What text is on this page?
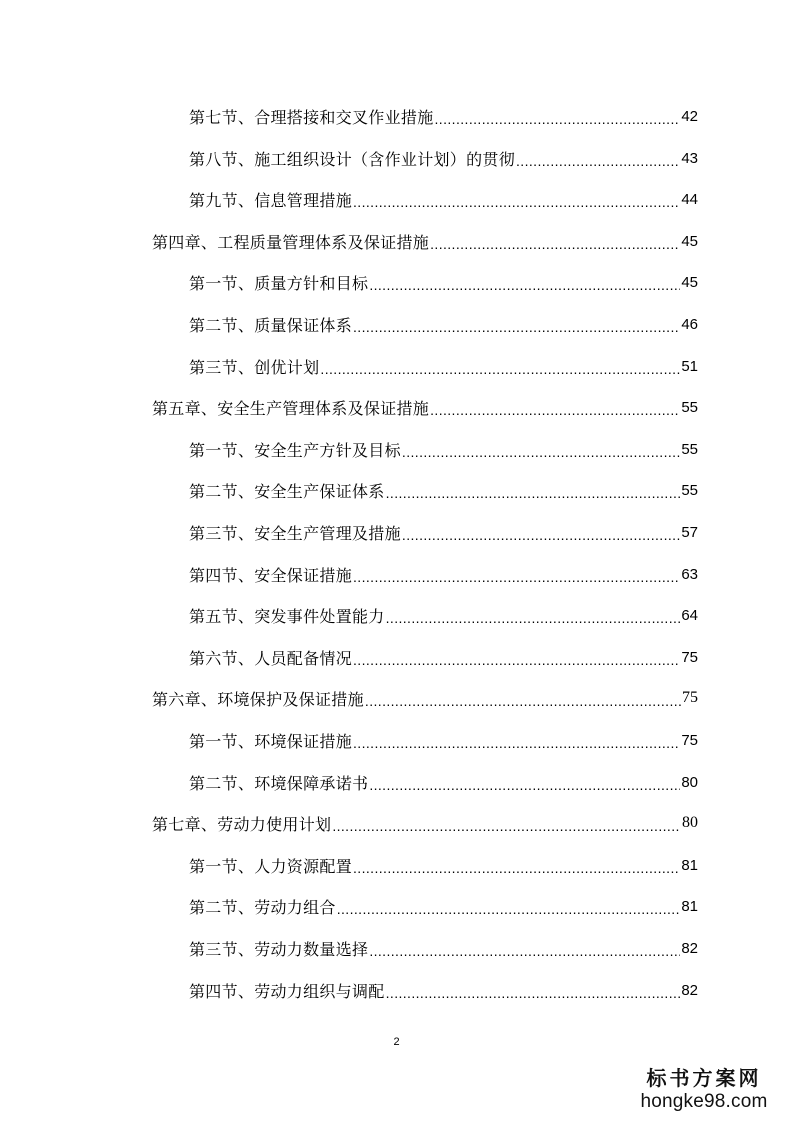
第七节、合理搭接和交叉作业措施 .....	42
第八节、施工组织设计（含作业计划）的贯彻 .....	43
第九节、信息管理措施 .....	44
第四章、工程质量管理体系及保证措施 .....	45
第一节、质量方针和目标 .....	45
第二节、质量保证体系 .....	46
第三节、创优计划 .....	51
第五章、安全生产管理体系及保证措施 .....	55
第一节、安全生产方针及目标 .....	55
第二节、安全生产保证体系 .....	55
第三节、安全生产管理及措施 .....	57
第四节、安全保证措施 .....	63
第五节、突发事件处置能力 .....	64
第六节、人员配备情况 .....	75
第六章、环境保护及保证措施 .....	75
第一节、环境保证措施 .....	75
第二节、环境保障承诺书 .....	80
第七章、劳动力使用计划 .....	80
第一节、人力资源配置 .....	81
第二节、劳动力组合 .....	81
第三节、劳动力数量选择 .....	82
第四节、劳动力组织与调配 .....	82
2
标书方案网
hongke98.com
